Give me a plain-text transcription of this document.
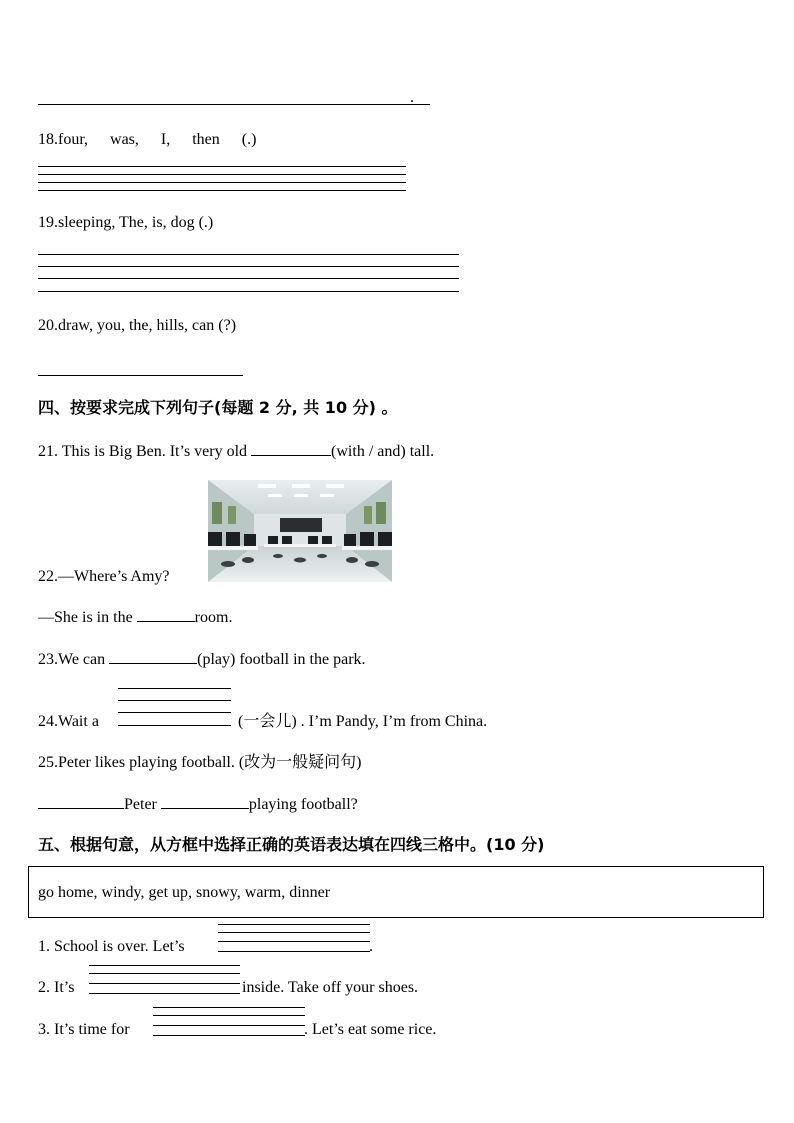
.
18.four, was, I, then (.)
19.sleeping, The, is, dog (.)
20.draw, you, the, hills, can (?)
四、按要求完成下列句子(每题 2 分, 共 10 分) 。
21. This is Big Ben. It’s very old	(with / and) tall.
22.—Where’s Amy?
—She is in the	room.
23.We can	(play) football in the park.
24.Wait a	(一会儿) . I’m Pandy, I’m from China.
25.Peter likes playing football. (改为一般疑问句)
Peter	playing football?
五、根据句意，从方框中选择正确的英语表达填在四线三格中。(10 分)
go home, windy, get up, snowy, warm, dinner
1. School is over. Let’s	.
2. It’s	inside. Take off your shoes.
3. It’s time for	. Let’s eat some rice.
